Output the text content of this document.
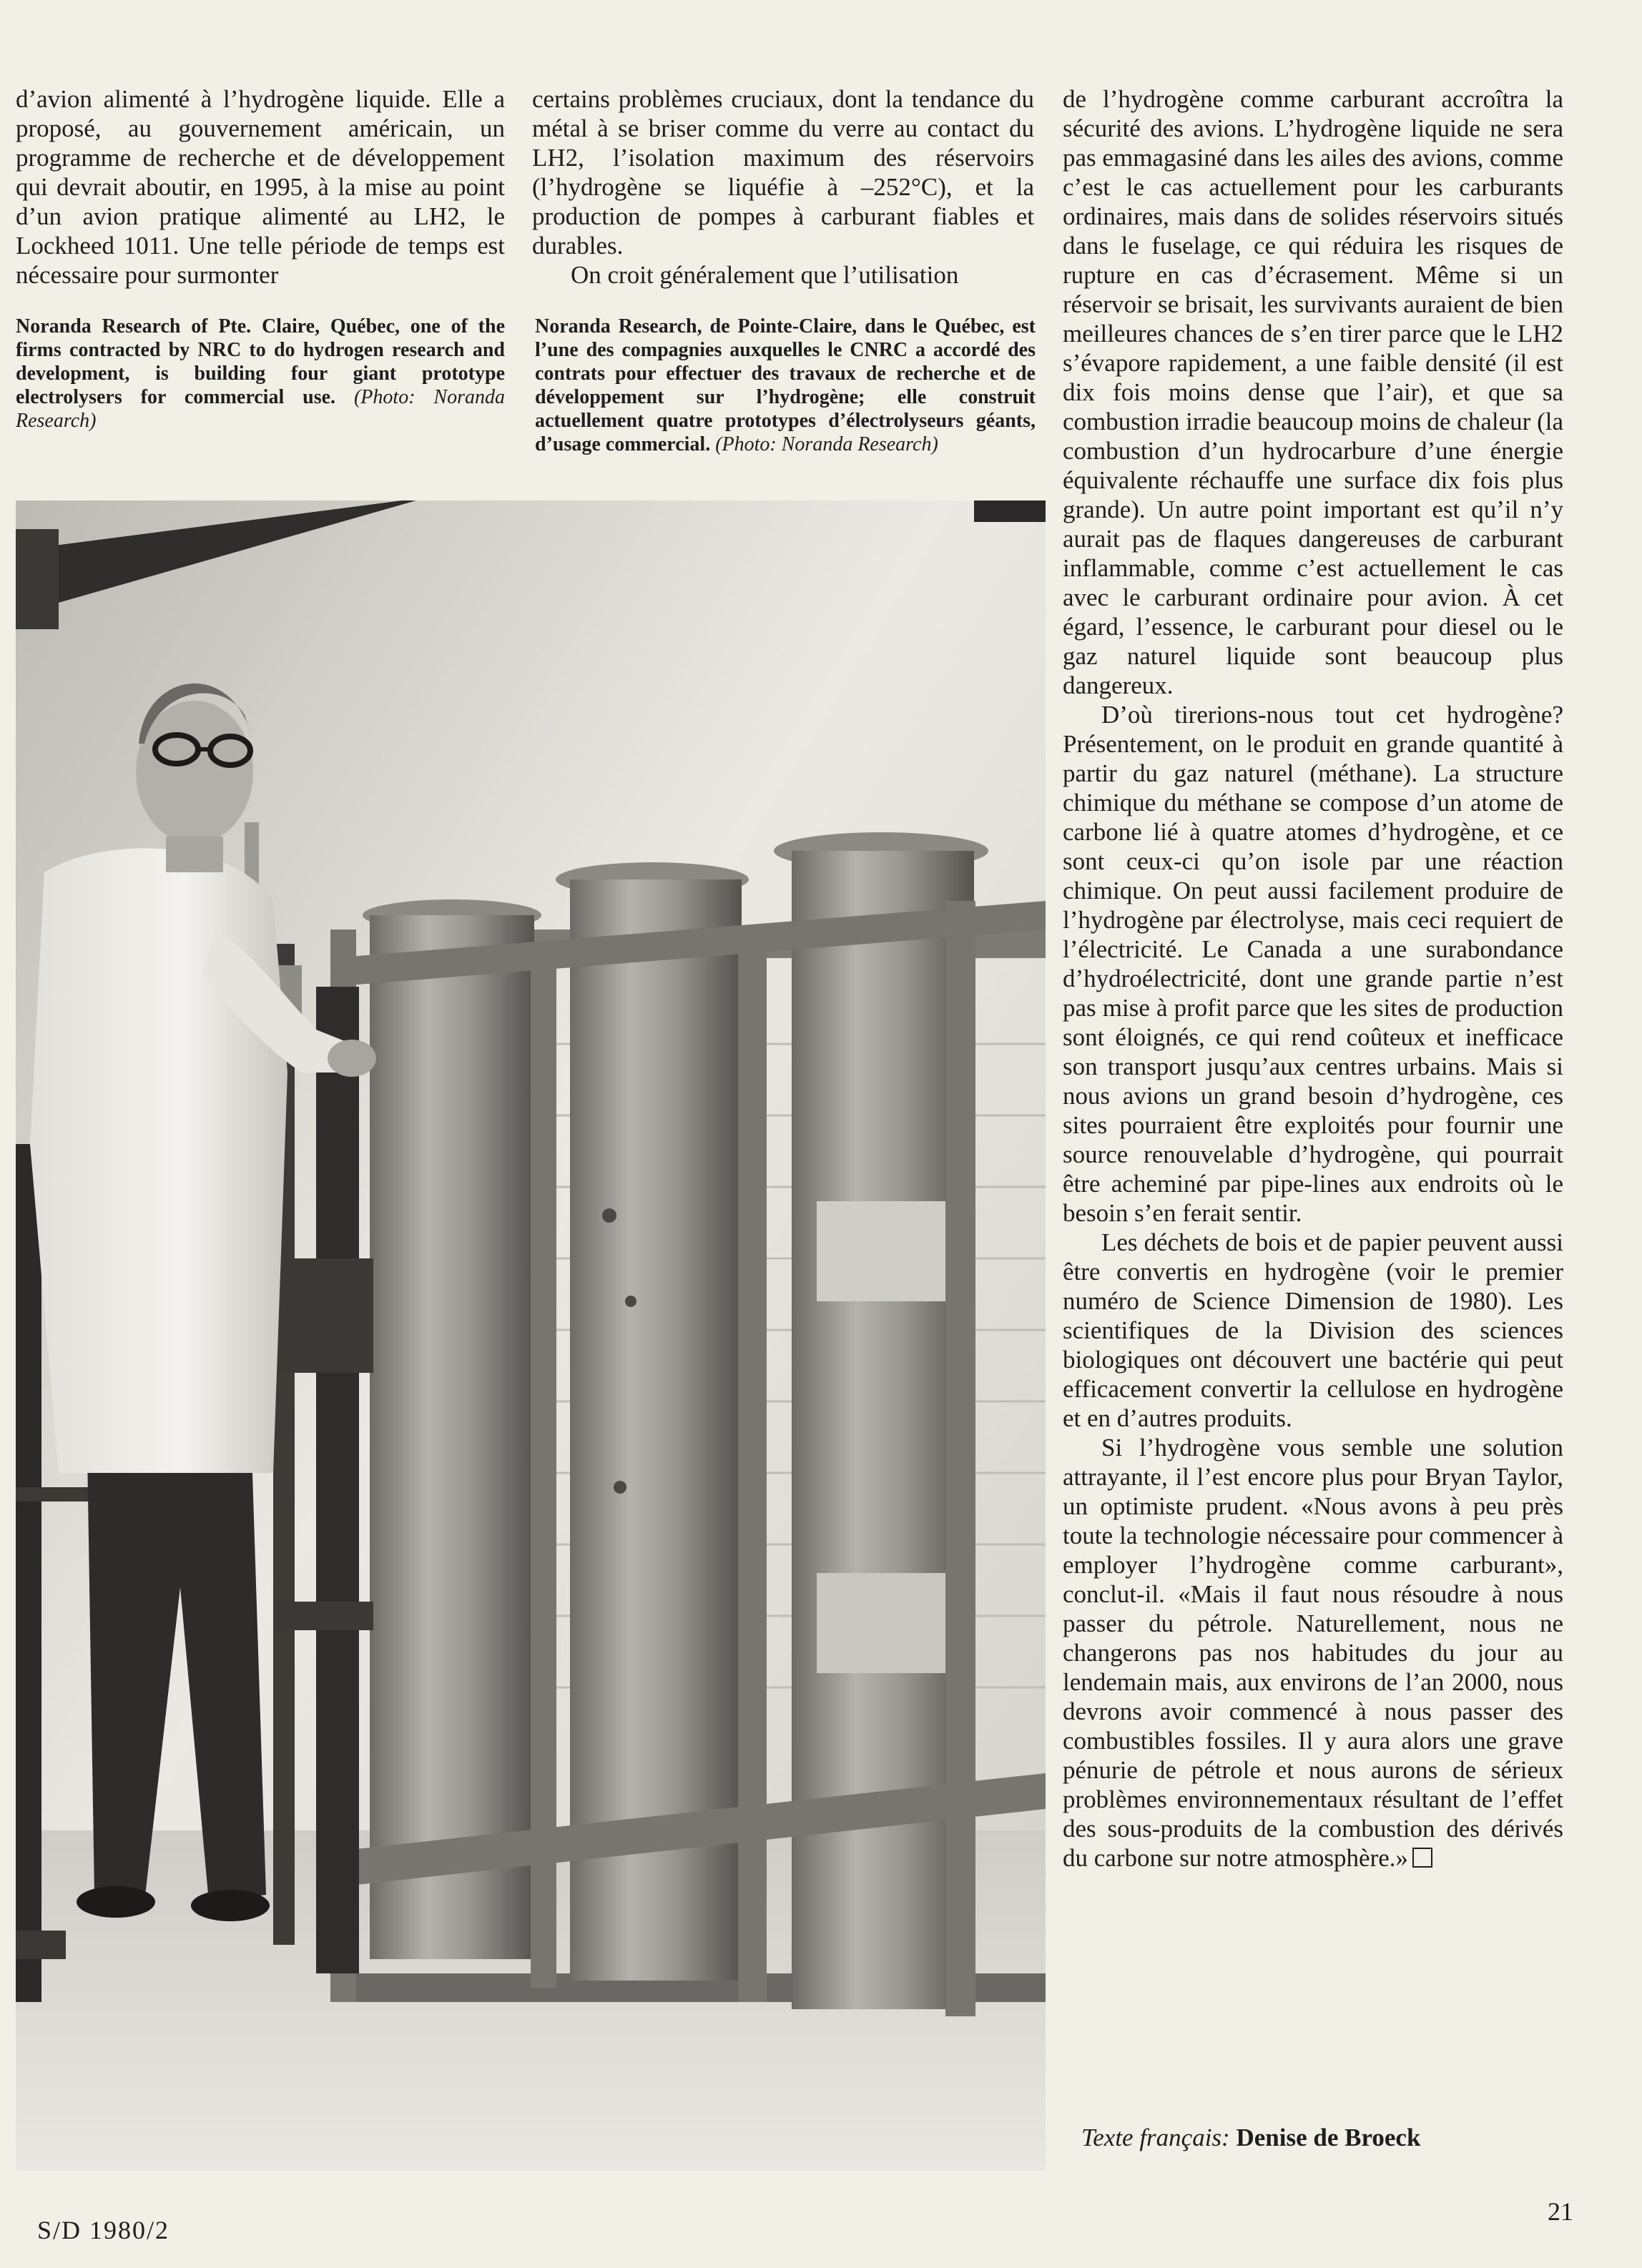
d’avion alimenté à l’hydrogène liquide. Elle a proposé, au gouvernement américain, un programme de recherche et de développement qui devrait aboutir, en 1995, à la mise au point d’un avion pratique alimenté au LH2, le Lockheed 1011. Une telle période de temps est nécessaire pour surmonter

certains problèmes cruciaux, dont la tendance du métal à se briser comme du verre au contact du LH2, l’isolation maximum des réservoirs (l’hydrogène se liquéfie à –252°C), et la production de pompes à carburant fiables et durables.

On croit généralement que l’utilisation

Noranda Research of Pte. Claire, Québec, one of the firms contracted by NRC to do hydrogen research and development, is building four giant prototype electrolysers for commercial use. (Photo: Noranda Research)
Noranda Research, de Pointe-Claire, dans le Québec, est l’une des compagnies auxquelles le CNRC a accordé des contrats pour effectuer des travaux de recherche et de développement sur l’hydrogène; elle construit actuellement quatre prototypes d’électrolyseurs géants, d’usage commercial. (Photo: Noranda Research)

de l’hydrogène comme carburant accroîtra la sécurité des avions. L’hydrogène liquide ne sera pas emmagasiné dans les ailes des avions, comme c’est le cas actuellement pour les carburants ordinaires, mais dans de solides réservoirs situés dans le fuselage, ce qui réduira les risques de rupture en cas d’écrasement. Même si un réservoir se brisait, les survivants auraient de bien meilleures chances de s’en tirer parce que le LH2 s’évapore rapidement, a une faible densité (il est dix fois moins dense que l’air), et que sa combustion irradie beaucoup moins de chaleur (la combustion d’un hydrocarbure d’une énergie équivalente réchauffe une surface dix fois plus grande). Un autre point important est qu’il n’y aurait pas de flaques dangereuses de carburant inflammable, comme c’est actuellement le cas avec le carburant ordinaire pour avion. À cet égard, l’essence, le carburant pour diesel ou le gaz naturel liquide sont beaucoup plus dangereux.

D’où tirerions-nous tout cet hydrogène? Présentement, on le produit en grande quantité à partir du gaz naturel (méthane). La structure chimique du méthane se compose d’un atome de carbone lié à quatre atomes d’hydrogène, et ce sont ceux-ci qu’on isole par une réaction chimique. On peut aussi facilement produire de l’hydrogène par électrolyse, mais ceci requiert de l’électricité. Le Canada a une surabondance d’hydroélectricité, dont une grande partie n’est pas mise à profit parce que les sites de production sont éloignés, ce qui rend coûteux et inefficace son transport jusqu’aux centres urbains. Mais si nous avions un grand besoin d’hydrogène, ces sites pourraient être exploités pour fournir une source renouvelable d’hydrogène, qui pourrait être acheminé par pipe-lines aux endroits où le besoin s’en ferait sentir.

Les déchets de bois et de papier peuvent aussi être convertis en hydrogène (voir le premier numéro de Science Dimension de 1980). Les scientifiques de la Division des sciences biologiques ont découvert une bactérie qui peut efficacement convertir la cellulose en hydrogène et en d’autres produits.

Si l’hydrogène vous semble une solution attrayante, il l’est encore plus pour Bryan Taylor, un optimiste prudent. «Nous avons à peu près toute la technologie nécessaire pour commencer à employer l’hydrogène comme carburant», conclut-il. «Mais il faut nous résoudre à nous passer du pétrole. Naturellement, nous ne changerons pas nos habitudes du jour au lendemain mais, aux environs de l’an 2000, nous devrons avoir commencé à nous passer des combustibles fossiles. Il y aura alors une grave pénurie de pétrole et nous aurons de sérieux problèmes environnementaux résultant de l’effet des sous-produits de la combustion des dérivés du carbone sur notre atmosphère.»

Texte français: Denise de Broeck
S/D 1980/2
21
